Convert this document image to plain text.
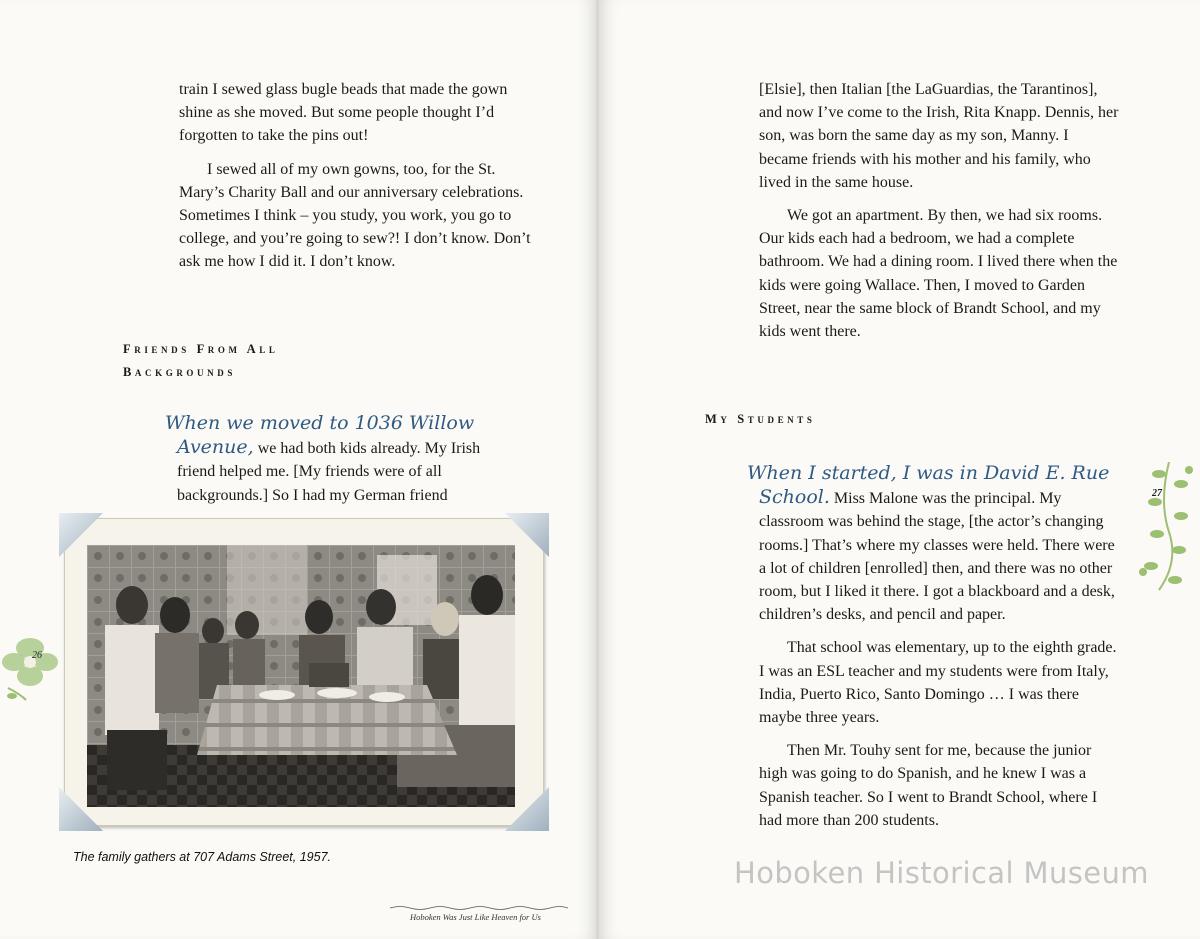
train I sewed glass bugle beads that made the gown shine as she moved. But some people thought I’d forgotten to take the pins out!

I sewed all of my own gowns, too, for the St. Mary’s Charity Ball and our anniversary celebrations. Sometimes I think – you study, you work, you go to college, and you’re going to sew?! I don’t know. Don’t ask me how I did it. I don’t know.

Friends From All
Backgrounds
When we moved to 1036 Willow Avenue, we had both kids already. My Irish friend helped me. [My friends were of all backgrounds.] So I had my German friend
The family gathers at 707 Adams Street, 1957.
26
Hoboken Was Just Like Heaven for Us

[Elsie], then Italian [the LaGuardias, the Tarantinos], and now I’ve come to the Irish, Rita Knapp. Dennis, her son, was born the same day as my son, Manny. I became friends with his mother and his family, who lived in the same house.

We got an apartment. By then, we had six rooms. Our kids each had a bedroom, we had a complete bathroom. We had a dining room. I lived there when the kids were going Wallace. Then, I moved to Garden Street, near the same block of Brandt School, and my kids went there.

My Students

When I started, I was in David E. Rue School. Miss Malone was the principal. My classroom was behind the stage, [the actor’s changing rooms.] That’s where my classes were held. There were a lot of children [enrolled] then, and there was no other room, but I liked it there. I got a blackboard and a desk, children’s desks, and pencil and paper.

That school was elementary, up to the eighth grade. I was an ESL teacher and my students were from Italy, India, Puerto Rico, Santo Domingo … I was there maybe three years.

Then Mr. Touhy sent for me, because the junior high was going to do Spanish, and he knew I was a Spanish teacher. So I went to Brandt School, where I had more than 200 students.

27
Hoboken Historical Museum
